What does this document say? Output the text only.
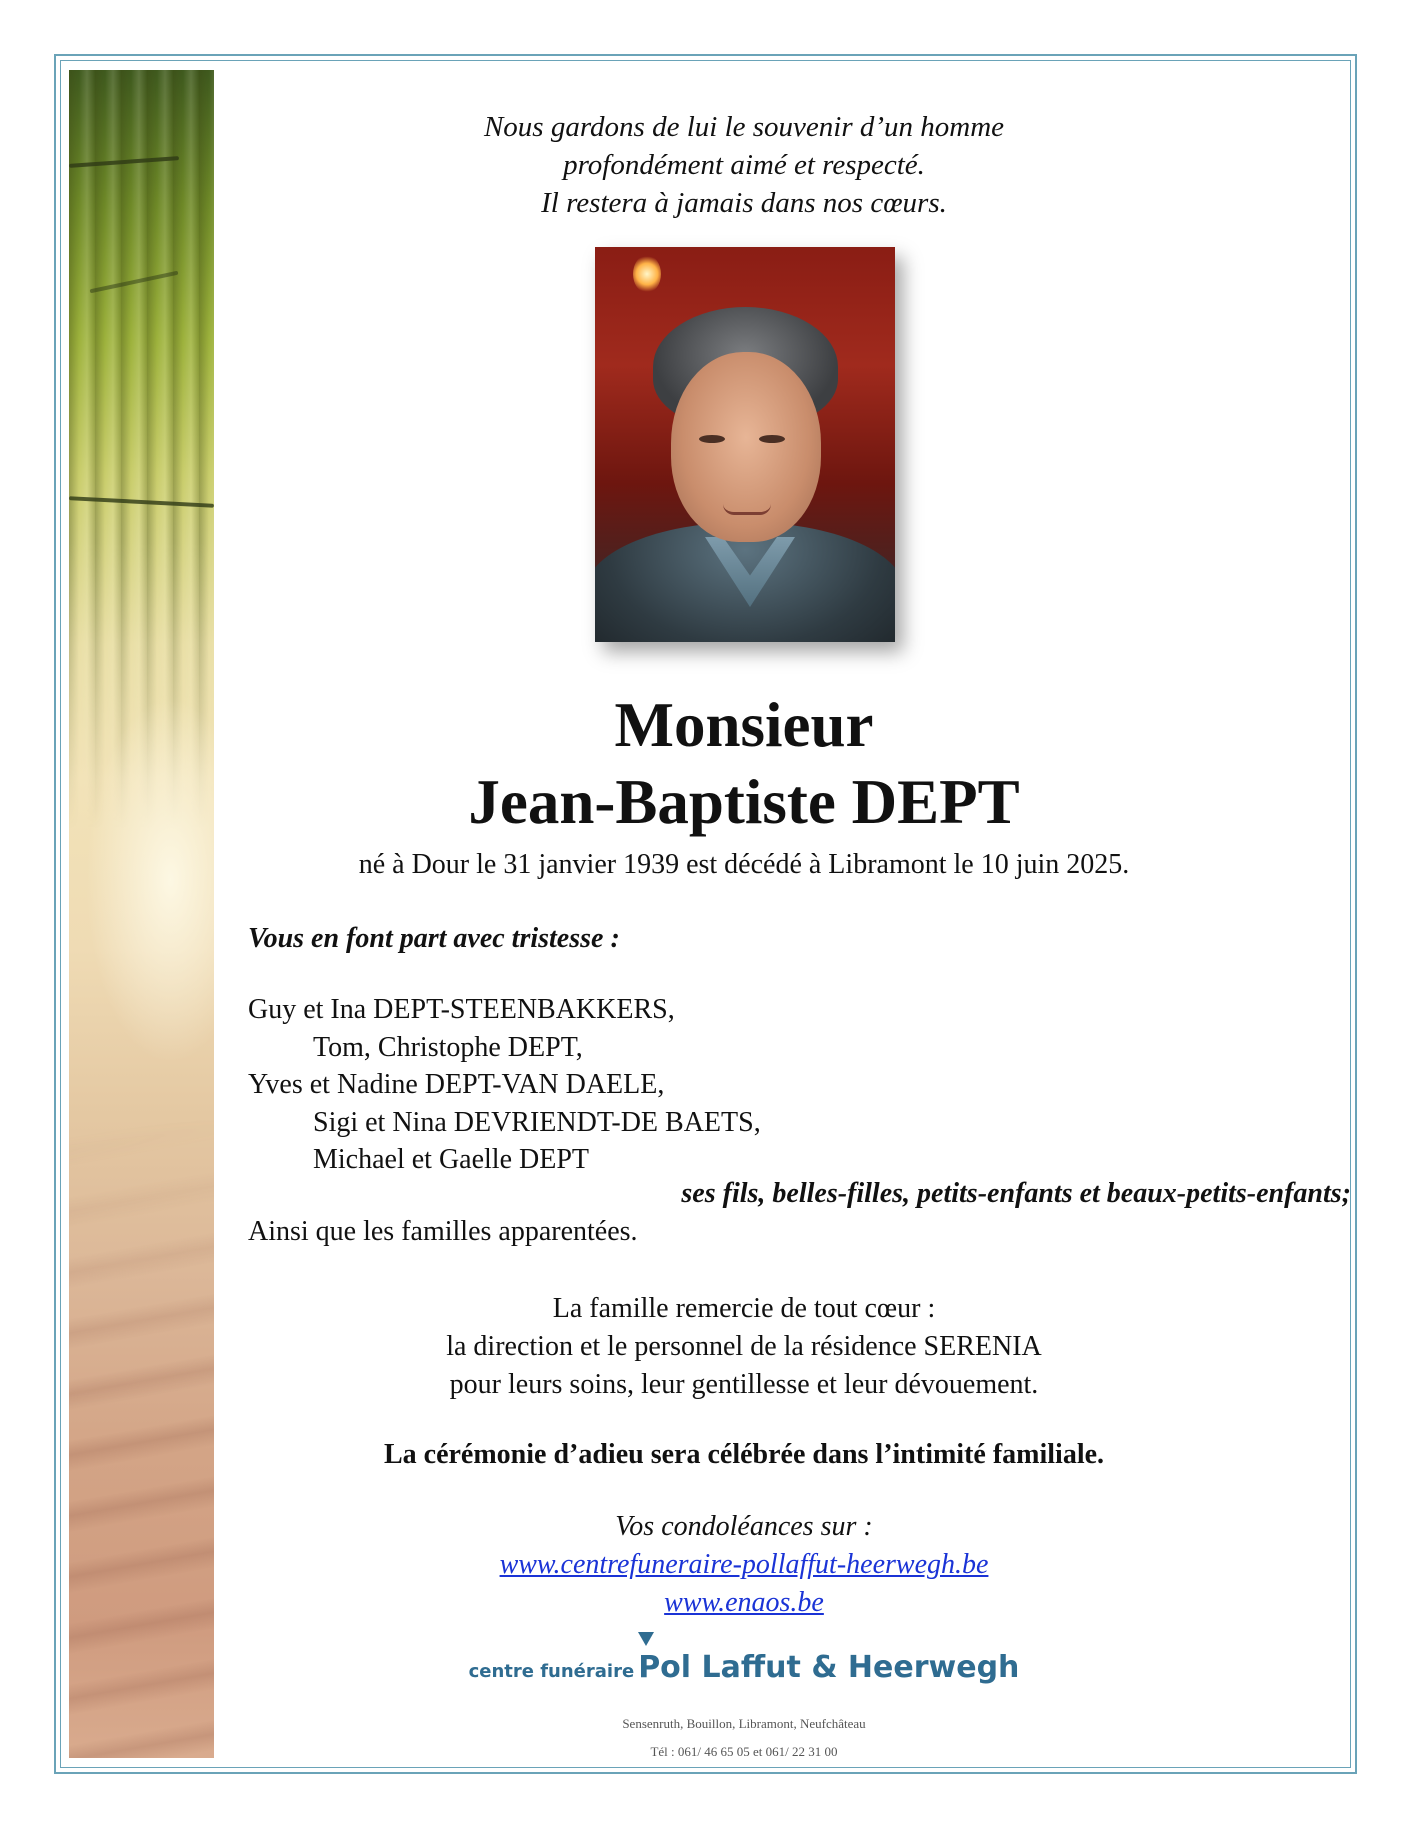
Nous gardons de lui le souvenir d’un homme
profondément aimé et respecté.
Il restera à jamais dans nos cœurs.
Monsieur
Jean-Baptiste DEPT
né à Dour le 31 janvier 1939 est décédé à Libramont le 10 juin 2025.
Vous en font part avec tristesse :
Guy et Ina DEPT-STEENBAKKERS,
Tom, Christophe DEPT,
Yves et Nadine DEPT-VAN DAELE,
Sigi et Nina DEVRIENDT-DE BAETS,
Michael et Gaelle DEPT
ses fils, belles-filles, petits-enfants et beaux-petits-enfants;
Ainsi que les familles apparentées.
La famille remercie de tout cœur :
la direction et le personnel de la résidence SERENIA
pour leurs soins, leur gentillesse et leur dévouement.
La cérémonie d’adieu sera célébrée dans l’intimité familiale.
Vos condoléances sur :
www.centrefuneraire-pollaffut-heerwegh.be
www.enaos.be
centre funéraire Pol Laffut & Heerwegh
Sensenruth, Bouillon, Libramont, Neufchâteau
Tél : 061/ 46 65 05 et 061/ 22 31 00
